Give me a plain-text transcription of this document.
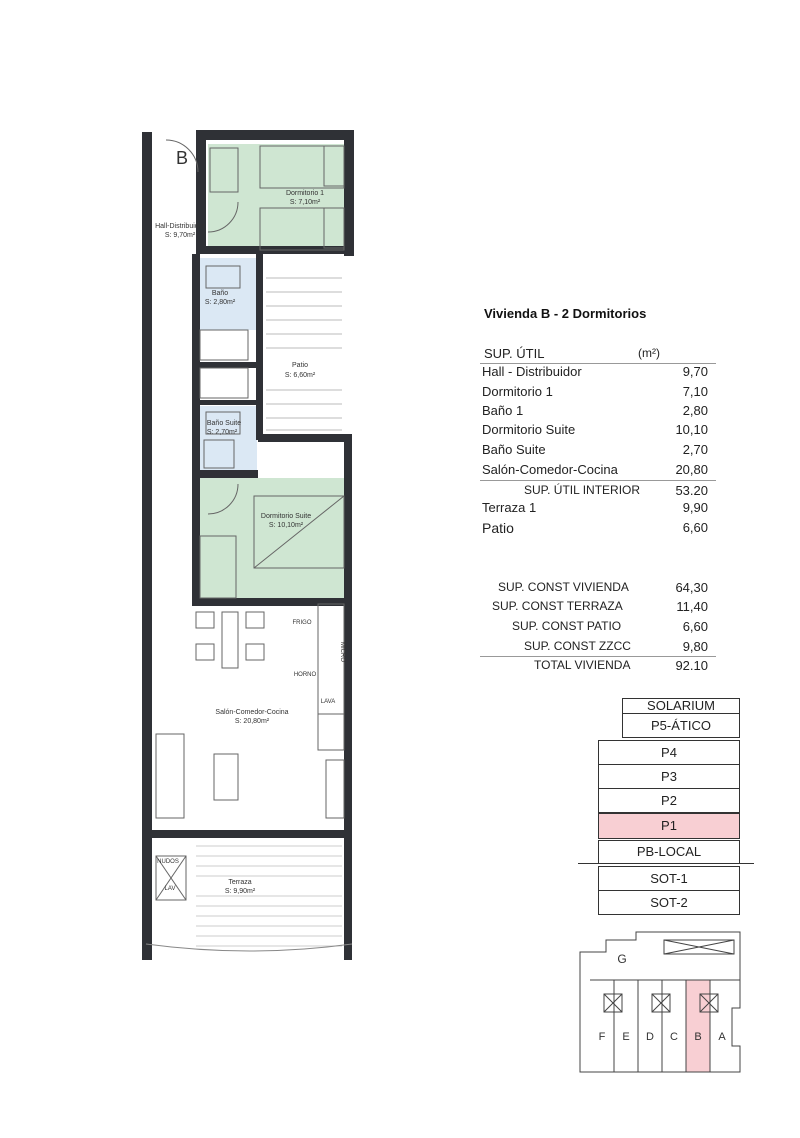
B
Dormitorio 1
S: 7,10m²
Hall-Distribuidor
S: 9,70m²
Baño
S: 2,80m²
Patio
S: 6,60m²
Baño Suite
S: 2,70m²
Dormitorio Suite
S: 10,10m²
Salón-Comedor-Cocina
S: 20,80m²
Terraza
S: 9,90m²
FRIGO
MICRO
HORNO
LAVA
NUDOS
LAV
G
F E D C B A
Vivienda B - 2 Dormitorios
SUP. ÚTIL	(m²)
Hall - Distribuidor	9,70
Dormitorio 1	7,10
Baño 1	2,80
Dormitorio Suite	10,10
Baño Suite	2,70
Salón-Comedor-Cocina	20,80
SUP. ÚTIL INTERIOR	53.20
Terraza 1	9,90
Patio	6,60
SUP. CONST VIVIENDA	64,30
SUP. CONST TERRAZA	11,40
SUP. CONST PATIO	6,60
SUP. CONST ZZCC	9,80
TOTAL VIVIENDA	92.10
SOLARIUM
P5-ÁTICO
P4
P3
P2
P1
PB-LOCAL
SOT-1
SOT-2
